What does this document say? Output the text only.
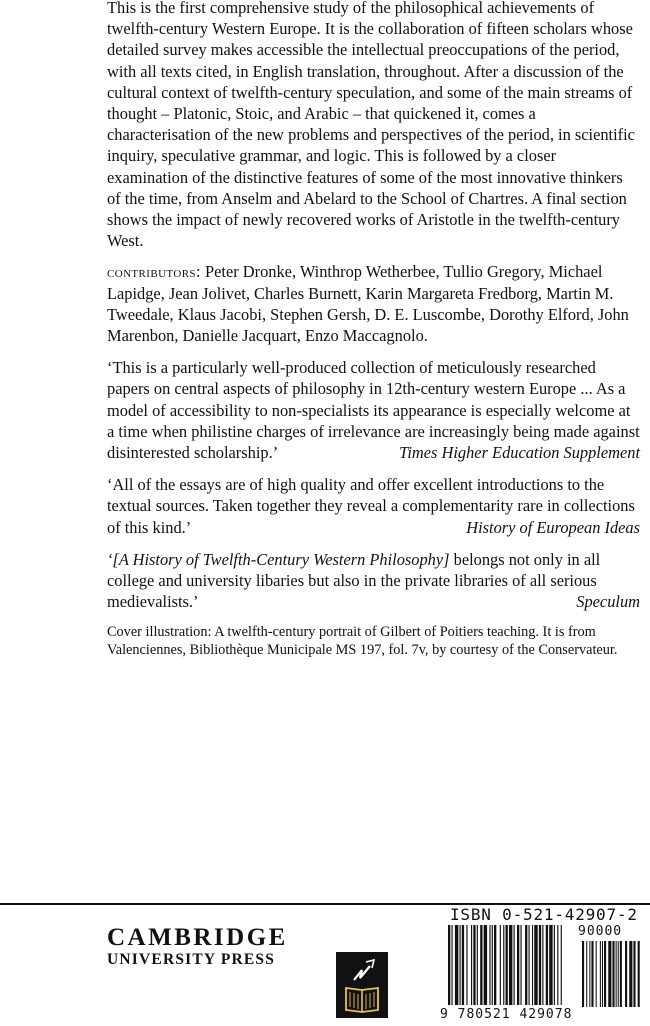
This is the first comprehensive study of the philosophical achievements of twelfth-century Western Europe. It is the collaboration of fifteen scholars whose detailed survey makes accessible the intellectual preoccupations of the period, with all texts cited, in English translation, throughout. After a discussion of the cultural context of twelfth-century speculation, and some of the main streams of thought – Platonic, Stoic, and Arabic – that quickened it, comes a characterisation of the new problems and perspectives of the period, in scientific inquiry, speculative grammar, and logic. This is followed by a closer examination of the distinctive features of some of the most innovative thinkers of the time, from Anselm and Abelard to the School of Chartres. A final section shows the impact of newly recovered works of Aristotle in the twelfth-century West.

contributors: Peter Dronke, Winthrop Wetherbee, Tullio Gregory, Michael Lapidge, Jean Jolivet, Charles Burnett, Karin Margareta Fredborg, Martin M. Tweedale, Klaus Jacobi, Stephen Gersh, D. E. Luscombe, Dorothy Elford, John Marenbon, Danielle Jacquart, Enzo Maccagnolo.

‘This is a particularly well-produced collection of meticulously researched papers on central aspects of philosophy in 12th-century western Europe ... As a model of accessibility to non-specialists its appearance is especially welcome at a time when philistine charges of irrelevance are increasingly being made against disinterested scholarship.’	Times Higher Education Supplement

‘All of the essays are of high quality and offer excellent introductions to the textual sources. Taken together they reveal a complementarity rare in collections of this kind.’	History of European Ideas

‘[A History of Twelfth-Century Western Philosophy] belongs not only in all college and university libaries but also in the private libraries of all serious medievalists.’	Speculum

Cover illustration: A twelfth-century portrait of Gilbert of Poitiers teaching. It is from Valenciennes, Bibliothèque Municipale MS 197, fol. 7v, by courtesy of the Conservateur.

CAMBRIDGE
UNIVERSITY PRESS
ISBN 0-521-42907-2
90000
9 780521 429078
